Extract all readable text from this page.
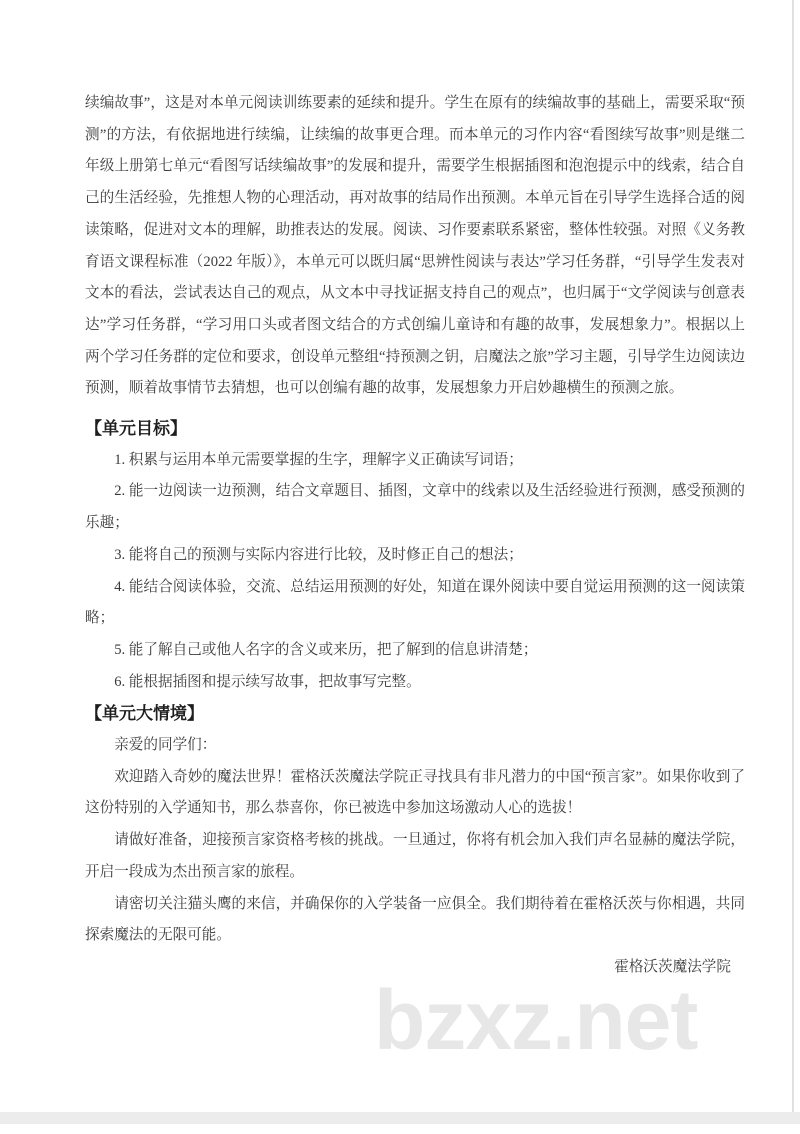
bzxz.net

续编故事”，这是对本单元阅读训练要素的延续和提升。学生在原有的续编故事的基础上，需要采取“预测”的方法，有依据地进行续编，让续编的故事更合理。而本单元的习作内容“看图续写故事”则是继二年级上册第七单元“看图写话续编故事”的发展和提升，需要学生根据插图和泡泡提示中的线索，结合自己的生活经验，先推想人物的心理活动，再对故事的结局作出预测。本单元旨在引导学生选择合适的阅读策略，促进对文本的理解，助推表达的发展。阅读、习作要素联系紧密，整体性较强。对照《义务教育语文课程标准（2022 年版）》，本单元可以既归属“思辨性阅读与表达”学习任务群，“引导学生发表对文本的看法，尝试表达自己的观点，从文本中寻找证据支持自己的观点”，也归属于“文学阅读与创意表达”学习任务群，“学习用口头或者图文结合的方式创编儿童诗和有趣的故事，发展想象力”。根据以上两个学习任务群的定位和要求，创设单元整组“持预测之钥，启魔法之旅”学习主题，引导学生边阅读边预测，顺着故事情节去猜想，也可以创编有趣的故事，发展想象力开启妙趣横生的预测之旅。

【单元目标】

1. 积累与运用本单元需要掌握的生字，理解字义正确读写词语；

2. 能一边阅读一边预测，结合文章题目、插图，文章中的线索以及生活经验进行预测，感受预测的乐趣；

3. 能将自己的预测与实际内容进行比较，及时修正自己的想法；

4. 能结合阅读体验，交流、总结运用预测的好处，知道在课外阅读中要自觉运用预测的这一阅读策略；

5. 能了解自己或他人名字的含义或来历，把了解到的信息讲清楚；

6. 能根据插图和提示续写故事，把故事写完整。

【单元大情境】

亲爱的同学们：

欢迎踏入奇妙的魔法世界！霍格沃茨魔法学院正寻找具有非凡潜力的中国“预言家”。如果你收到了这份特别的入学通知书，那么恭喜你，你已被选中参加这场激动人心的选拔！

请做好准备，迎接预言家资格考核的挑战。一旦通过，你将有机会加入我们声名显赫的魔法学院，开启一段成为杰出预言家的旅程。

请密切关注猫头鹰的来信，并确保你的入学装备一应俱全。我们期待着在霍格沃茨与你相遇，共同探索魔法的无限可能。

霍格沃茨魔法学院
